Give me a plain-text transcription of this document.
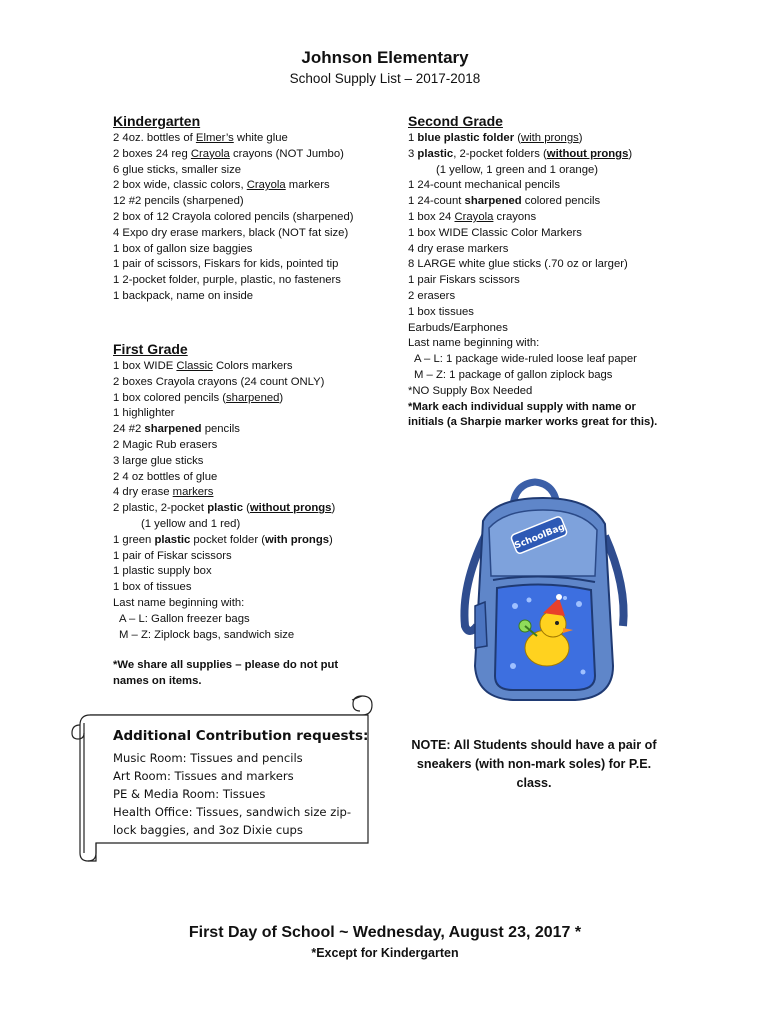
Johnson Elementary
School Supply List – 2017-2018
Kindergarten
2 4oz. bottles of Elmer’s white glue
2 boxes 24 reg Crayola crayons (NOT Jumbo)
6 glue sticks, smaller size
2 box wide, classic colors, Crayola markers
12 #2 pencils (sharpened)
2 box of 12 Crayola colored pencils (sharpened)
4 Expo dry erase markers, black (NOT fat size)
1 box of gallon size baggies
1 pair of scissors, Fiskars for kids, pointed tip
1 2-pocket folder, purple, plastic, no fasteners
1 backpack, name on inside
First Grade
1 box WIDE Classic Colors markers
2 boxes Crayola crayons (24 count ONLY)
1 box colored pencils (sharpened)
1 highlighter
24 #2 sharpened pencils
2 Magic Rub erasers
3 large glue sticks
2 4 oz bottles of glue
4 dry erase markers
2 plastic, 2-pocket plastic (without prongs)
(1 yellow and 1 red)
1 green plastic pocket folder (with prongs)
1 pair of Fiskar scissors
1 plastic supply box
1 box of tissues
Last name beginning with:
A – L: Gallon freezer bags
M – Z: Ziplock bags, sandwich size
*We share all supplies – please do not put names on items.
Second Grade
1 blue plastic folder (with prongs)
3 plastic, 2-pocket folders (without prongs)
(1 yellow, 1 green and 1 orange)
1 24-count mechanical pencils
1 24-count sharpened colored pencils
1 box 24 Crayola crayons
1 box WIDE Classic Color Markers
4 dry erase markers
8 LARGE white glue sticks (.70 oz or larger)
1 pair Fiskars scissors
2 erasers
1 box tissues
Earbuds/Earphones
Last name beginning with:
A – L: 1 package wide-ruled loose leaf paper
M – Z: 1 package of gallon ziplock bags
*NO Supply Box Needed
*Mark each individual supply with name or
initials (a Sharpie marker works great for this).
Additional Contribution requests:
Music Room: Tissues and pencils
Art Room: Tissues and markers
PE & Media Room: Tissues
Health Office: Tissues, sandwich size zip-
lock baggies, and 3oz Dixie cups
NOTE: All Students should have a pair of sneakers (with non-mark soles) for P.E. class.
SchoolBag
First Day of School ~ Wednesday, August 23, 2017 *
*Except for Kindergarten
